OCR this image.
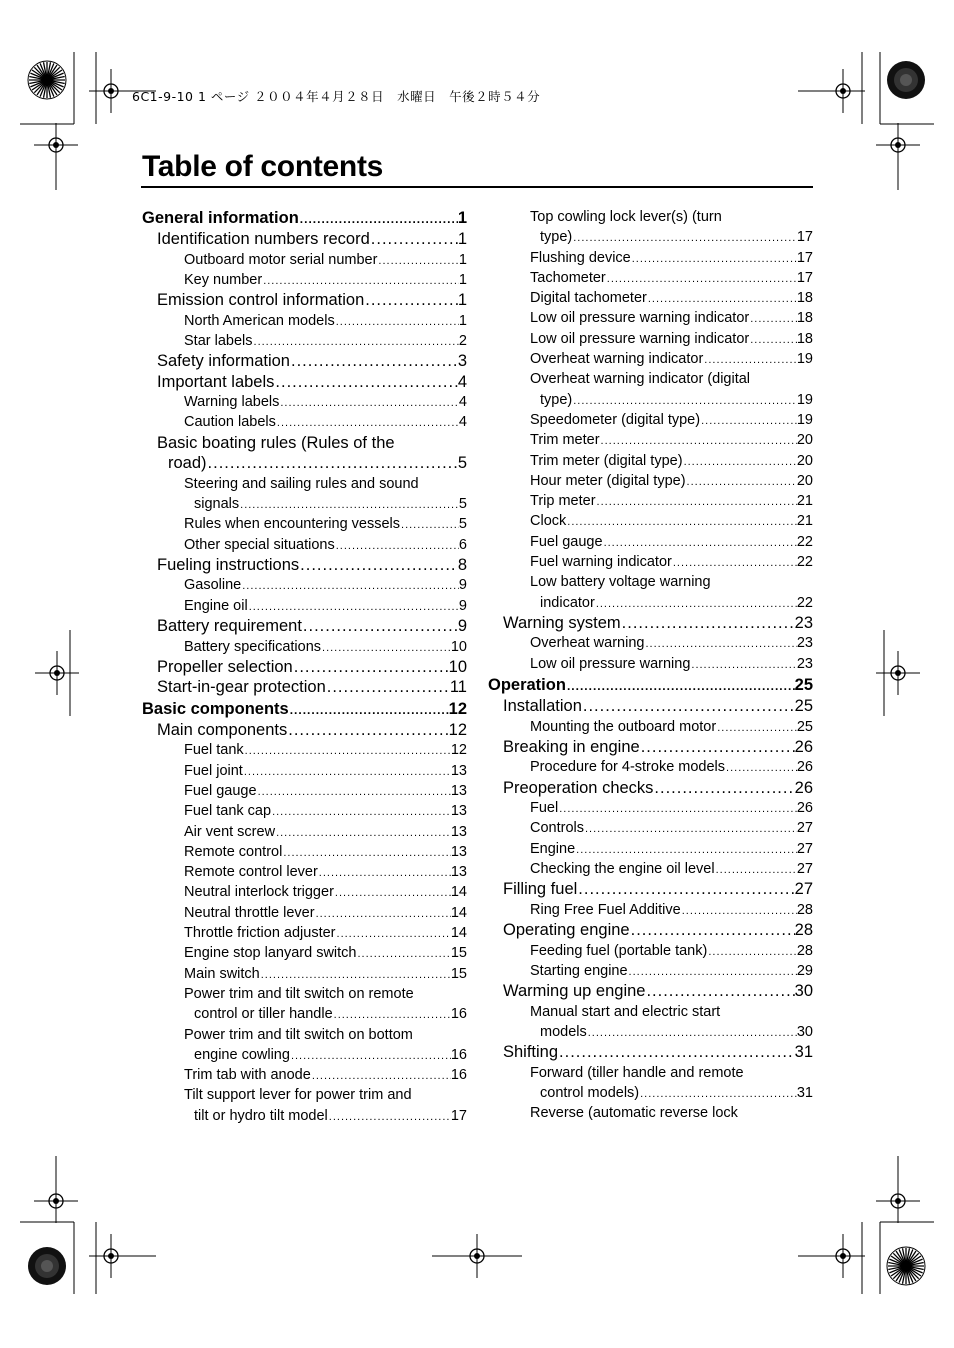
6C1-9-10 1 ページ ２００４年４月２８日　水曜日　午後２時５４分
Table of contents
General information .....	1
Identification numbers record .....	1
Outboard motor serial number .....	1
Key number .....	1
Emission control information .....	1
North American models .....	1
Star labels .....	2
Safety information .....	3
Important labels .....	4
Warning labels .....	4
Caution labels .....	4
Basic boating rules (Rules of the
road) .....	5
Steering and sailing rules and sound
signals .....	5
Rules when encountering vessels .....	5
Other special situations .....	6
Fueling instructions .....	8
Gasoline .....	9
Engine oil .....	9
Battery requirement .....	9
Battery specifications .....	10
Propeller selection .....	10
Start-in-gear protection .....	11
Basic components .....	12
Main components .....	12
Fuel tank .....	12
Fuel joint .....	13
Fuel gauge .....	13
Fuel tank cap .....	13
Air vent screw .....	13
Remote control .....	13
Remote control lever .....	13
Neutral interlock trigger .....	14
Neutral throttle lever .....	14
Throttle friction adjuster .....	14
Engine stop lanyard switch .....	15
Main switch .....	15
Power trim and tilt switch on remote
control or tiller handle .....	16
Power trim and tilt switch on bottom
engine cowling .....	16
Trim tab with anode .....	16
Tilt support lever for power trim and
tilt or hydro tilt model .....	17
Top cowling lock lever(s) (turn
type) .....	17
Flushing device .....	17
Tachometer .....	17
Digital tachometer .....	18
Low oil pressure warning indicator .....	18
Low oil pressure warning indicator .....	18
Overheat warning indicator .....	19
Overheat warning indicator (digital
type) .....	19
Speedometer (digital type) .....	19
Trim meter .....	20
Trim meter (digital type) .....	20
Hour meter (digital type) .....	20
Trip meter .....	21
Clock .....	21
Fuel gauge .....	22
Fuel warning indicator .....	22
Low battery voltage warning
indicator .....	22
Warning system .....	23
Overheat warning .....	23
Low oil pressure warning .....	23
Operation .....	25
Installation .....	25
Mounting the outboard motor .....	25
Breaking in engine .....	26
Procedure for 4-stroke models .....	26
Preoperation checks .....	26
Fuel .....	26
Controls .....	27
Engine .....	27
Checking the engine oil level .....	27
Filling fuel .....	27
Ring Free Fuel Additive .....	28
Operating engine .....	28
Feeding fuel (portable tank) .....	28
Starting engine .....	29
Warming up engine .....	30
Manual start and electric start
models .....	30
Shifting .....	31
Forward (tiller handle and remote
control models) .....	31
Reverse (automatic reverse lock
